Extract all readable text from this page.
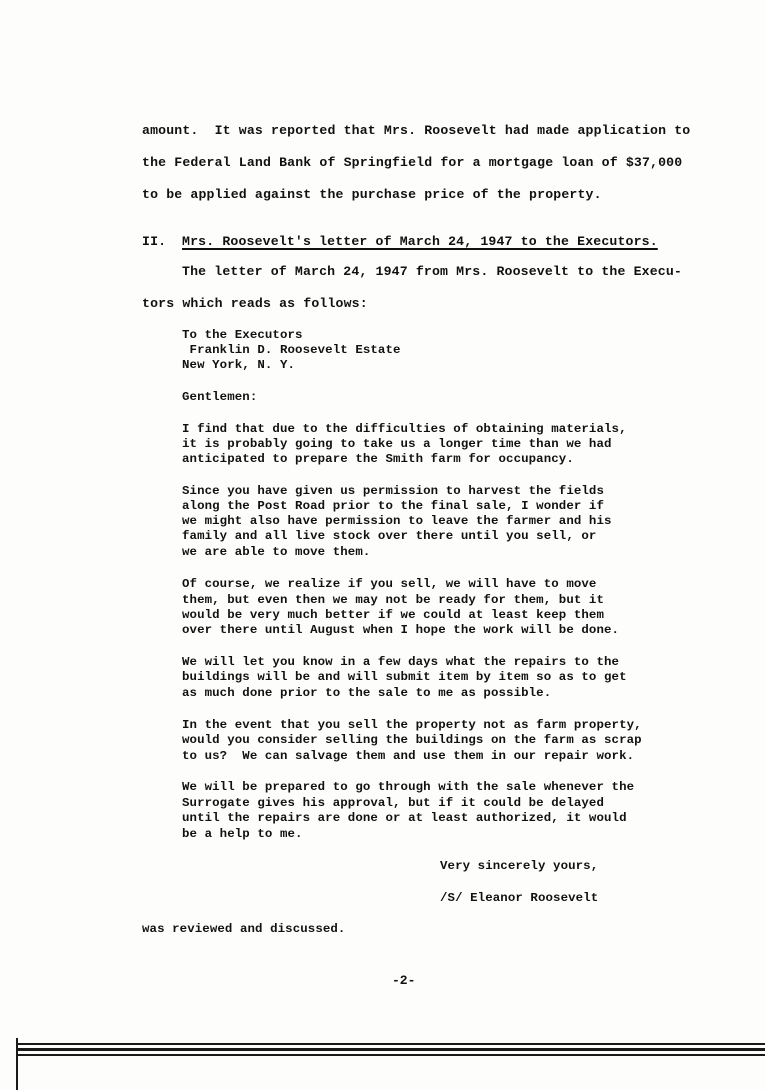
amount.  It was reported that Mrs. Roosevelt had made application to
the Federal Land Bank of Springfield for a mortgage loan of $37,000
to be applied against the purchase price of the property.
II. Mrs. Roosevelt's letter of March 24, 1947 to the Executors.
The letter of March 24, 1947 from Mrs. Roosevelt to the Execu-
tors which reads as follows:
To the Executors
Franklin D. Roosevelt Estate
New York, N. Y.
Gentlemen:
I find that due to the difficulties of obtaining materials,
it is probably going to take us a longer time than we had
anticipated to prepare the Smith farm for occupancy.
Since you have given us permission to harvest the fields
along the Post Road prior to the final sale, I wonder if
we might also have permission to leave the farmer and his
family and all live stock over there until you sell, or
we are able to move them.
Of course, we realize if you sell, we will have to move
them, but even then we may not be ready for them, but it
would be very much better if we could at least keep them
over there until August when I hope the work will be done.
We will let you know in a few days what the repairs to the
buildings will be and will submit item by item so as to get
as much done prior to the sale to me as possible.
In the event that you sell the property not as farm property,
would you consider selling the buildings on the farm as scrap
to us?  We can salvage them and use them in our repair work.
We will be prepared to go through with the sale whenever the
Surrogate gives his approval, but if it could be delayed
until the repairs are done or at least authorized, it would
be a help to me.
Very sincerely yours,
/S/ Eleanor Roosevelt
was reviewed and discussed.
-2-
